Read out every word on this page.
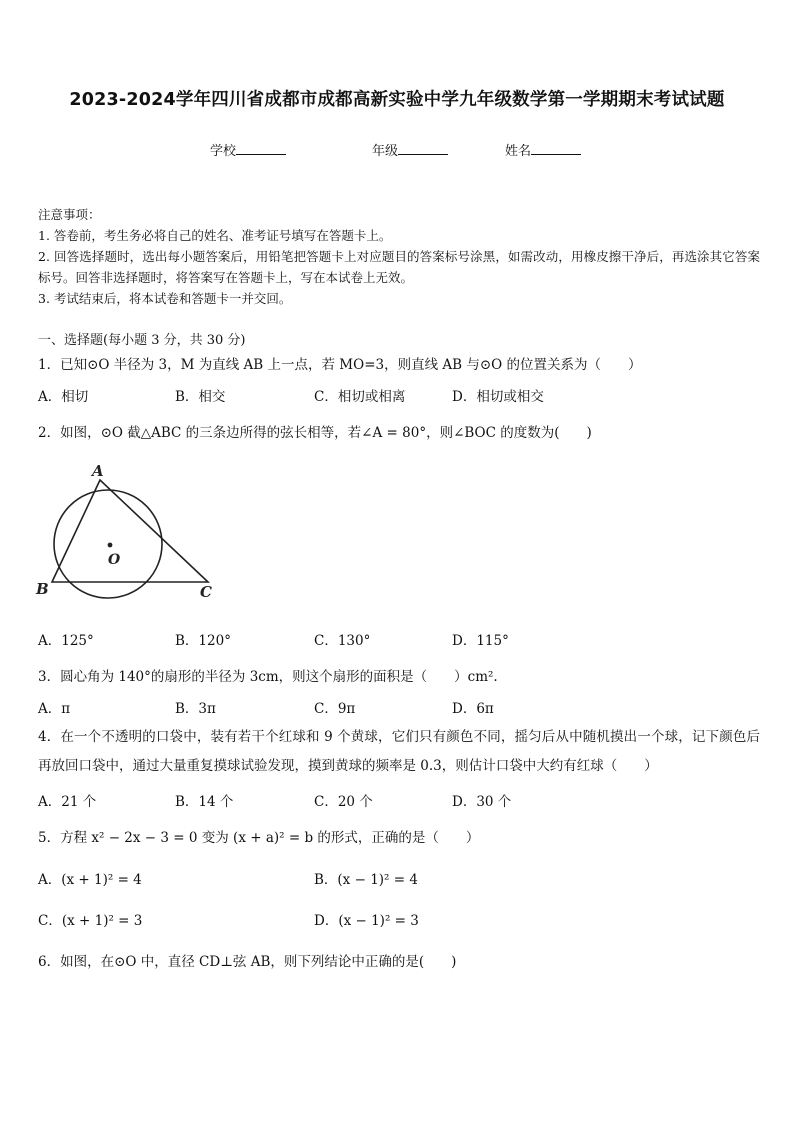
2023-2024学年四川省成都市成都高新实验中学九年级数学第一学期期末考试试题
学校	年级	姓名
注意事项：
1. 答卷前，考生务必将自己的姓名、准考证号填写在答题卡上。
2. 回答选择题时，选出每小题答案后，用铅笔把答题卡上对应题目的答案标号涂黑，如需改动，用橡皮擦干净后，再选涂其它答案标号。回答非选择题时，将答案写在答题卡上，写在本试卷上无效。
3. 考试结束后，将本试卷和答题卡一并交回。
一、选择题(每小题 3 分，共 30 分)
1．已知⊙O 半径为 3，M 为直线 AB 上一点，若 MO=3，则直线 AB 与⊙O 的位置关系为（　　）
A．相切	B．相交	C．相切或相离	D．相切或相交
2．如图，⊙O 截△ABC 的三条边所得的弦长相等，若∠A = 80°，则∠BOC 的度数为(　　)
A
B	C
O
A．125°	B．120°	C．130°	D．115°
3．圆心角为 140°的扇形的半径为 3cm，则这个扇形的面积是（　　）cm².
A．π	B．3π	C．9π	D．6π
4．在一个不透明的口袋中，装有若干个红球和 9 个黄球，它们只有颜色不同，摇匀后从中随机摸出一个球，记下颜色后再放回口袋中，通过大量重复摸球试验发现，摸到黄球的频率是 0.3，则估计口袋中大约有红球（　　）
A．21 个	B．14 个	C．20 个	D．30 个
5．方程 x² − 2x − 3 = 0 变为 (x + a)² = b 的形式，正确的是（　　）
A．(x + 1)² = 4	B．(x − 1)² = 4
C．(x + 1)² = 3	D．(x − 1)² = 3
6．如图，在⊙O 中，直径 CD⊥弦 AB，则下列结论中正确的是(　　)
